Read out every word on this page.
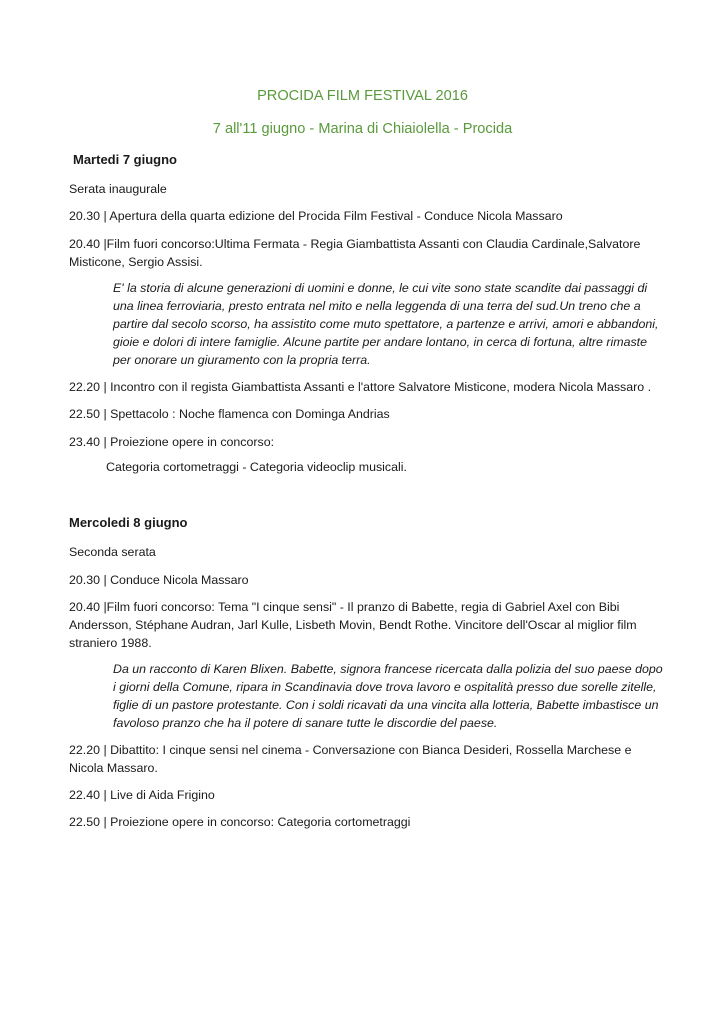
PROCIDA FILM FESTIVAL 2016
7 all'11 giugno - Marina di Chiaiolella - Procida
Martedi 7 giugno
Serata inaugurale
20.30 | Apertura della quarta edizione del Procida Film Festival - Conduce Nicola Massaro
20.40 |Film fuori concorso:Ultima Fermata - Regia Giambattista Assanti con Claudia Cardinale,Salvatore Misticone, Sergio Assisi.
E' la storia di alcune generazioni di uomini e donne, le cui vite sono state scandite dai passaggi di una linea ferroviaria, presto entrata nel mito e nella leggenda di una terra del sud.Un treno che a partire dal secolo scorso, ha assistito come muto spettatore, a partenze e arrivi, amori e abbandoni, gioie e dolori di intere famiglie. Alcune partite per andare lontano, in cerca di fortuna, altre rimaste per onorare un giuramento con la propria terra.
22.20 | Incontro con il regista Giambattista Assanti e l'attore Salvatore Misticone, modera Nicola Massaro .
22.50 | Spettacolo : Noche flamenca con Dominga Andrias
23.40 | Proiezione opere in concorso:
Categoria cortometraggi - Categoria videoclip musicali.
Mercoledi 8 giugno
Seconda serata
20.30 | Conduce Nicola Massaro
20.40 |Film fuori concorso: Tema "I cinque sensi" - Il pranzo di Babette, regia di Gabriel Axel con Bibi Andersson, Stéphane Audran, Jarl Kulle, Lisbeth Movin, Bendt Rothe. Vincitore dell'Oscar al miglior film straniero 1988.
Da un racconto di Karen Blixen. Babette, signora francese ricercata dalla polizia del suo paese dopo i giorni della Comune, ripara in Scandinavia dove trova lavoro e ospitalità presso due sorelle zitelle, figlie di un pastore protestante. Con i soldi ricavati da una vincita alla lotteria, Babette imbastisce un favoloso pranzo che ha il potere di sanare tutte le discordie del paese.
22.20 | Dibattito: I cinque sensi nel cinema - Conversazione con Bianca Desideri, Rossella Marchese e Nicola Massaro.
22.40 | Live di Aida Frigino
22.50 | Proiezione opere in concorso: Categoria cortometraggi
